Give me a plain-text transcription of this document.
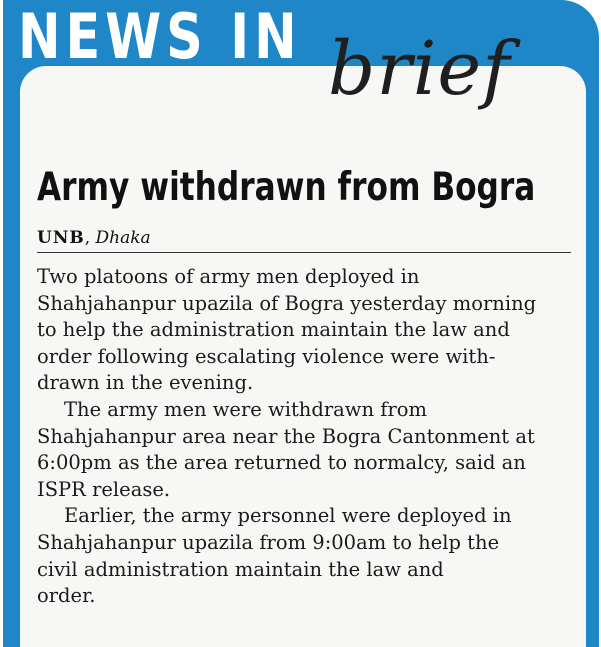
NEWS IN brief
Army withdrawn from Bogra
UNB, Dhaka
Two platoons of army men deployed in
Shahjahanpur upazila of Bogra yesterday morning
to help the administration maintain the law and
order following escalating violence were with-
drawn in the evening.
The army men were withdrawn from
Shahjahanpur area near the Bogra Cantonment at
6:00pm as the area returned to normalcy, said an
ISPR release.
Earlier, the army personnel were deployed in
Shahjahanpur upazila from 9:00am to help the
civil administration maintain the law and
order.
